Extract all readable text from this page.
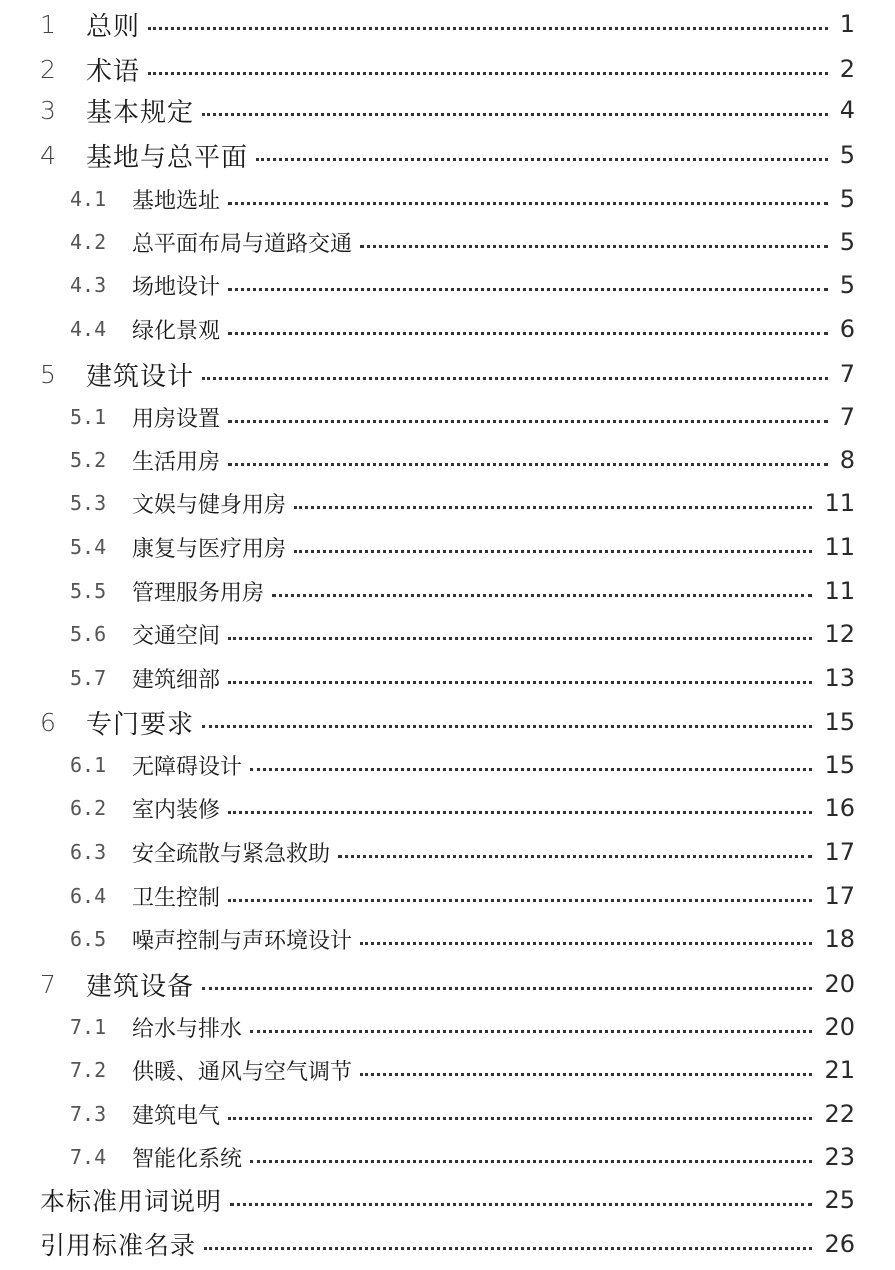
1	总则	1
2	术语	2
3	基本规定	4
4	基地与总平面	5
4.1	基地选址	5
4.2	总平面布局与道路交通	5
4.3	场地设计	5
4.4	绿化景观	6
5	建筑设计	7
5.1	用房设置	7
5.2	生活用房	8
5.3	文娱与健身用房	11
5.4	康复与医疗用房	11
5.5	管理服务用房	11
5.6	交通空间	12
5.7	建筑细部	13
6	专门要求	15
6.1	无障碍设计	15
6.2	室内装修	16
6.3	安全疏散与紧急救助	17
6.4	卫生控制	17
6.5	噪声控制与声环境设计	18
7	建筑设备	20
7.1	给水与排水	20
7.2	供暖、通风与空气调节	21
7.3	建筑电气	22
7.4	智能化系统	23
本标准用词说明	25
引用标准名录	26
